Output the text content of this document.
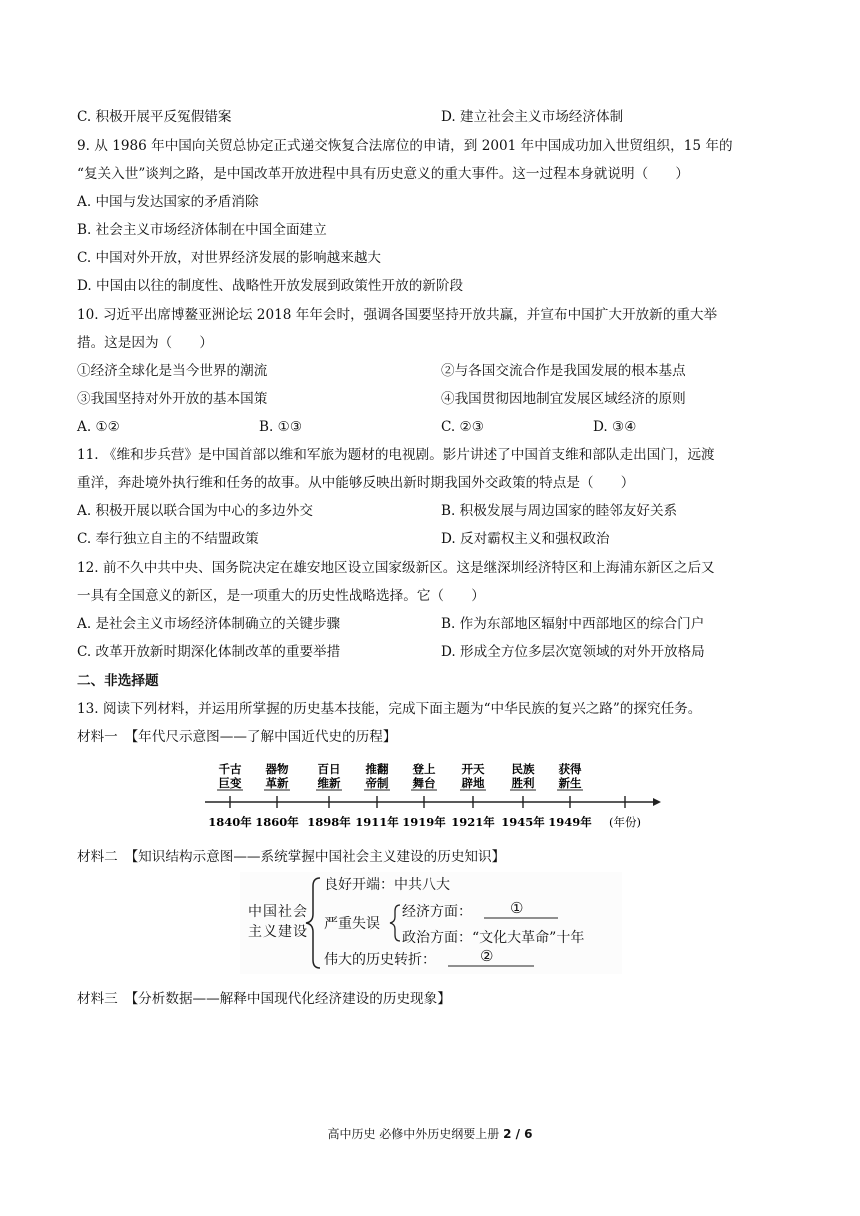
C. 积极开展平反冤假错案	D. 建立社会主义市场经济体制
9. 从 1986 年中国向关贸总协定正式递交恢复合法席位的申请，到 2001 年中国成功加入世贸组织，15 年的
“复关入世”谈判之路，是中国改革开放进程中具有历史意义的重大事件。这一过程本身就说明（　　）
A. 中国与发达国家的矛盾消除
B. 社会主义市场经济体制在中国全面建立
C. 中国对外开放，对世界经济发展的影响越来越大
D. 中国由以往的制度性、战略性开放发展到政策性开放的新阶段
10. 习近平出席博鳌亚洲论坛 2018 年年会时，强调各国要坚持开放共赢，并宣布中国扩大开放新的重大举
措。这是因为（　　）
①经济全球化是当今世界的潮流	②与各国交流合作是我国发展的根本基点
③我国坚持对外开放的基本国策	④我国贯彻因地制宜发展区域经济的原则
A. ①②	B. ①③	C. ②③	D. ③④
11. 《维和步兵营》是中国首部以维和军旅为题材的电视剧。影片讲述了中国首支维和部队走出国门，远渡
重洋，奔赴境外执行维和任务的故事。从中能够反映出新时期我国外交政策的特点是（　　）
A. 积极开展以联合国为中心的多边外交	B. 积极发展与周边国家的睦邻友好关系
C. 奉行独立自主的不结盟政策	D. 反对霸权主义和强权政治
12. 前不久中共中央、国务院决定在雄安地区设立国家级新区。这是继深圳经济特区和上海浦东新区之后又
一具有全国意义的新区，是一项重大的历史性战略选择。它（　　）
A. 是社会主义市场经济体制确立的关键步骤	B. 作为东部地区辐射中西部地区的综合门户
C. 改革开放新时期深化体制改革的重要举措	D. 形成全方位多层次宽领域的对外开放格局
二、非选择题
13. 阅读下列材料，并运用所掌握的历史基本技能，完成下面主题为“中华民族的复兴之路”的探究任务。
材料一　【年代尺示意图——了解中国近代史的历程】
千古
巨变
1840年
器物
革新
1860年
百日
维新
1898年
推翻
帝制
1911年
登上
舞台
1919年
开天
辟地
1921年
民族
胜利
1945年
获得
新生
1949年 (年份)
材料二　【知识结构示意图——系统掌握中国社会主义建设的历史知识】
中国社会
主义建设
良好开端：中共八大
严重失误
经济方面：	①
政治方面：“文化大革命”十年
伟大的历史转折：	②
材料三　【分析数据——解释中国现代化经济建设的历史现象】
高中历史 必修中外历史纲要上册 2 / 6
